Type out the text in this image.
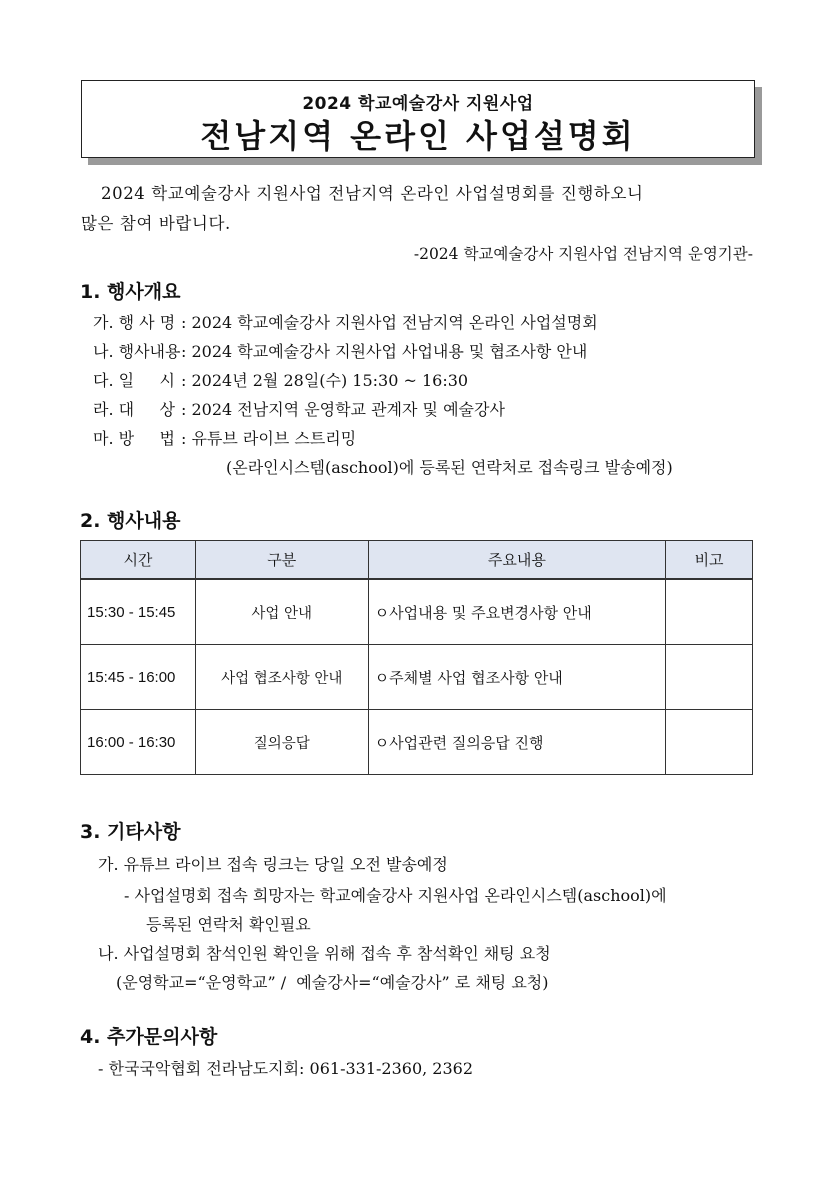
2024 학교예술강사 지원사업
전남지역 온라인 사업설명회
2024 학교예술강사 지원사업 전남지역 온라인 사업설명회를 진행하오니
많은 참여 바랍니다.
-2024 학교예술강사 지원사업 전남지역 운영기관-
1. 행사개요
가. 행 사 명 : 2024 학교예술강사 지원사업 전남지역 온라인 사업설명회
나. 행사내용: 2024 학교예술강사 지원사업 사업내용 및 협조사항 안내
다. 일     시 : 2024년 2월 28일(수) 15:30 ~ 16:30
라. 대     상 : 2024 전남지역 운영학교 관계자 및 예술강사
마. 방     법 : 유튜브 라이브 스트리밍
(온라인시스템(aschool)에 등록된 연락처로 접속링크 발송예정)
2. 행사내용
시간	구분	주요내용	비고
15:30 - 15:45	사업 안내	ㅇ사업내용 및 주요변경사항 안내	
15:45 - 16:00	사업 협조사항 안내	ㅇ주체별 사업 협조사항 안내	
16:00 - 16:30	질의응답	ㅇ사업관련 질의응답 진행	
3. 기타사항
가. 유튜브 라이브 접속 링크는 당일 오전 발송예정
- 사업설명회 접속 희망자는 학교예술강사 지원사업 온라인시스템(aschool)에
등록된 연락처 확인필요
나. 사업설명회 참석인원 확인을 위해 접속 후 참석확인 채팅 요청
(운영학교=“운영학교” /  예술강사=“예술강사” 로 채팅 요청)
4. 추가문의사항
- 한국국악협회 전라남도지회: 061-331-2360, 2362
